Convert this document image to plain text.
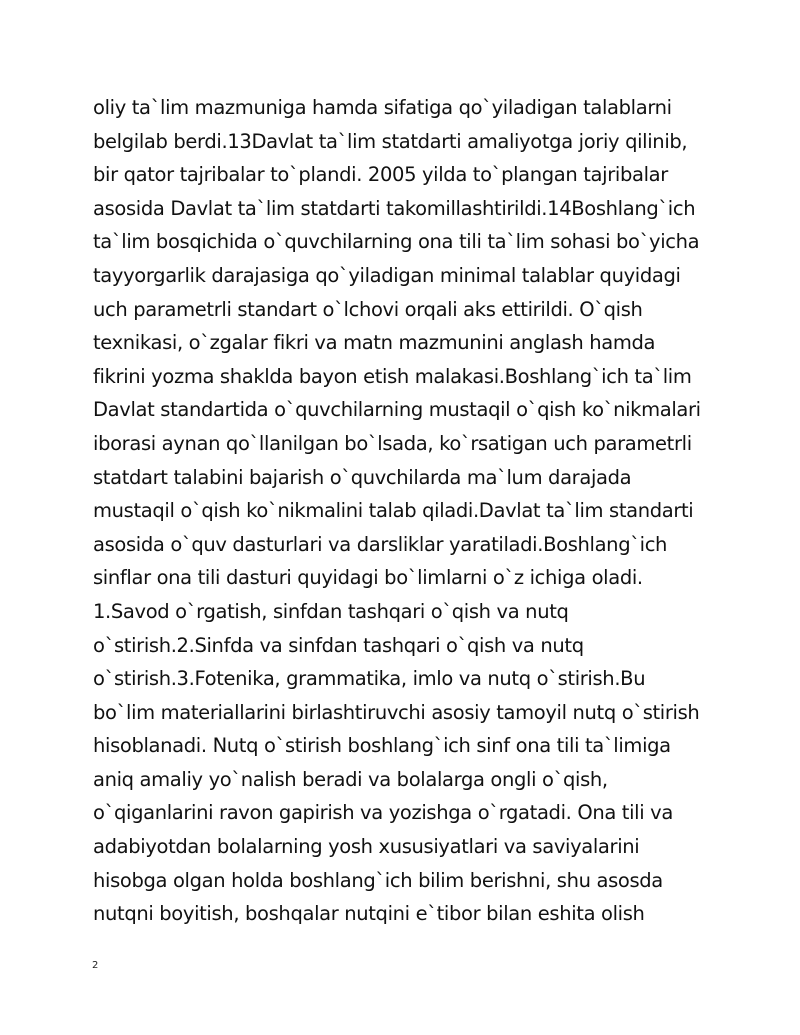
oliy ta`lim mazmuniga hamda sifatiga qo`yiladigan talablarni
belgilab berdi.13Davlat ta`lim statdarti amaliyotga joriy qilinib,
bir qator tajribalar to`plandi. 2005 yilda to`plangan tajribalar
asosida Davlat ta`lim statdarti takomillashtirildi.14Boshlang`ich
ta`lim bosqichida o`quvchilarning ona tili ta`lim sohasi bo`yicha
tayyorgarlik darajasiga qo`yiladigan minimal talablar quyidagi
uch parametrli standart o`lchovi orqali aks ettirildi. O`qish
texnikasi, o`zgalar fikri va matn mazmunini anglash hamda
fikrini yozma shaklda bayon etish malakasi.Boshlang`ich ta`lim
Davlat standartida o`quvchilarning mustaqil o`qish ko`nikmalari
iborasi aynan qo`llanilgan bo`lsada, ko`rsatigan uch parametrli
statdart talabini bajarish o`quvchilarda ma`lum darajada
mustaqil o`qish ko`nikmalini talab qiladi.Davlat ta`lim standarti
asosida o`quv dasturlari va darsliklar yaratiladi.Boshlang`ich
sinflar ona tili dasturi quyidagi bo`limlarni o`z ichiga oladi.
1.Savod o`rgatish, sinfdan tashqari o`qish va nutq
o`stirish.2.Sinfda va sinfdan tashqari o`qish va nutq
o`stirish.3.Fotenika, grammatika, imlo va nutq o`stirish.Bu
bo`lim materiallarini birlashtiruvchi asosiy tamoyil nutq o`stirish
hisoblanadi. Nutq o`stirish boshlang`ich sinf ona tili ta`limiga
aniq amaliy yo`nalish beradi va bolalarga ongli o`qish,
o`qiganlarini ravon gapirish va yozishga o`rgatadi. Ona tili va
adabiyotdan bolalarning yosh xususiyatlari va saviyalarini
hisobga olgan holda boshlang`ich bilim berishni, shu asosda
nutqni boyitish, boshqalar nutqini e`tibor bilan eshita olish
2
